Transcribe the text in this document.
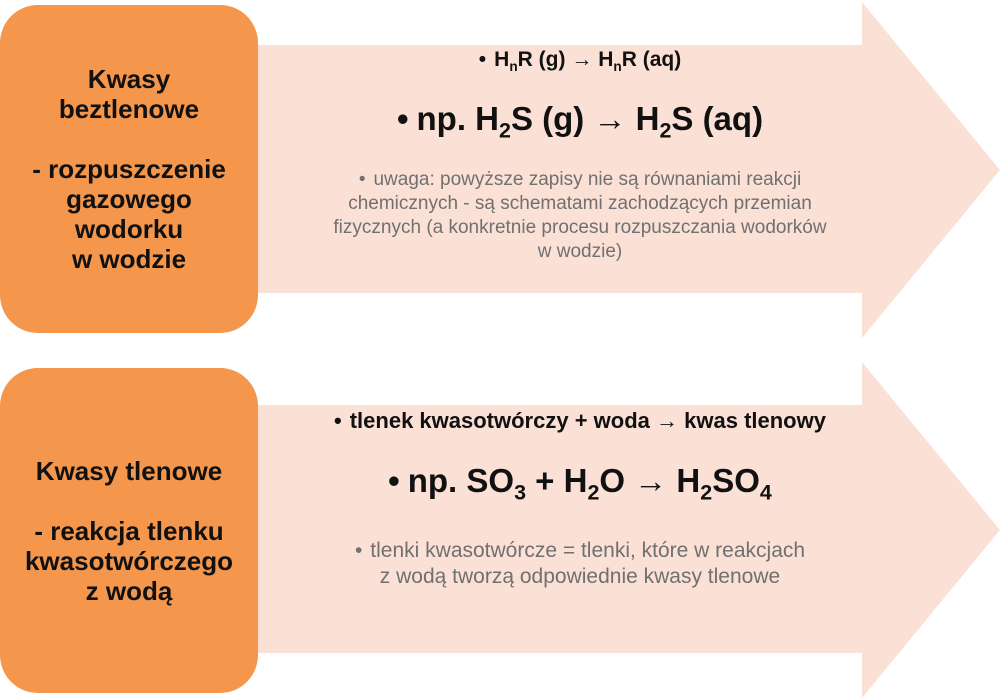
Kwasy
beztlenowe
- rozpuszczenie
gazowego
wodorku
w wodzie
• $H_nR$ $(g) \to H_nR$ (aq)
• np. $H_2S$ $(g) \to H_2S$ (aq)
• uwaga: powyższe zapisy nie są równaniami reakcji
chemicznych - są schematami zachodzących przemian
fizycznych (a konkretnie procesu rozpuszczania wodorków
w wodzie)
Kwasy tlenowe
- reakcja tlenku
kwasotwórczego
z wodą
• tlenek kwasotwórczy + woda → kwas tlenowy
• np. $SO_3 + H_2O \to H_2SO_4$
• tlenki kwasotwórcze = tlenki, które w reakcjach
z wodą tworzą odpowiednie kwasy tlenowe
